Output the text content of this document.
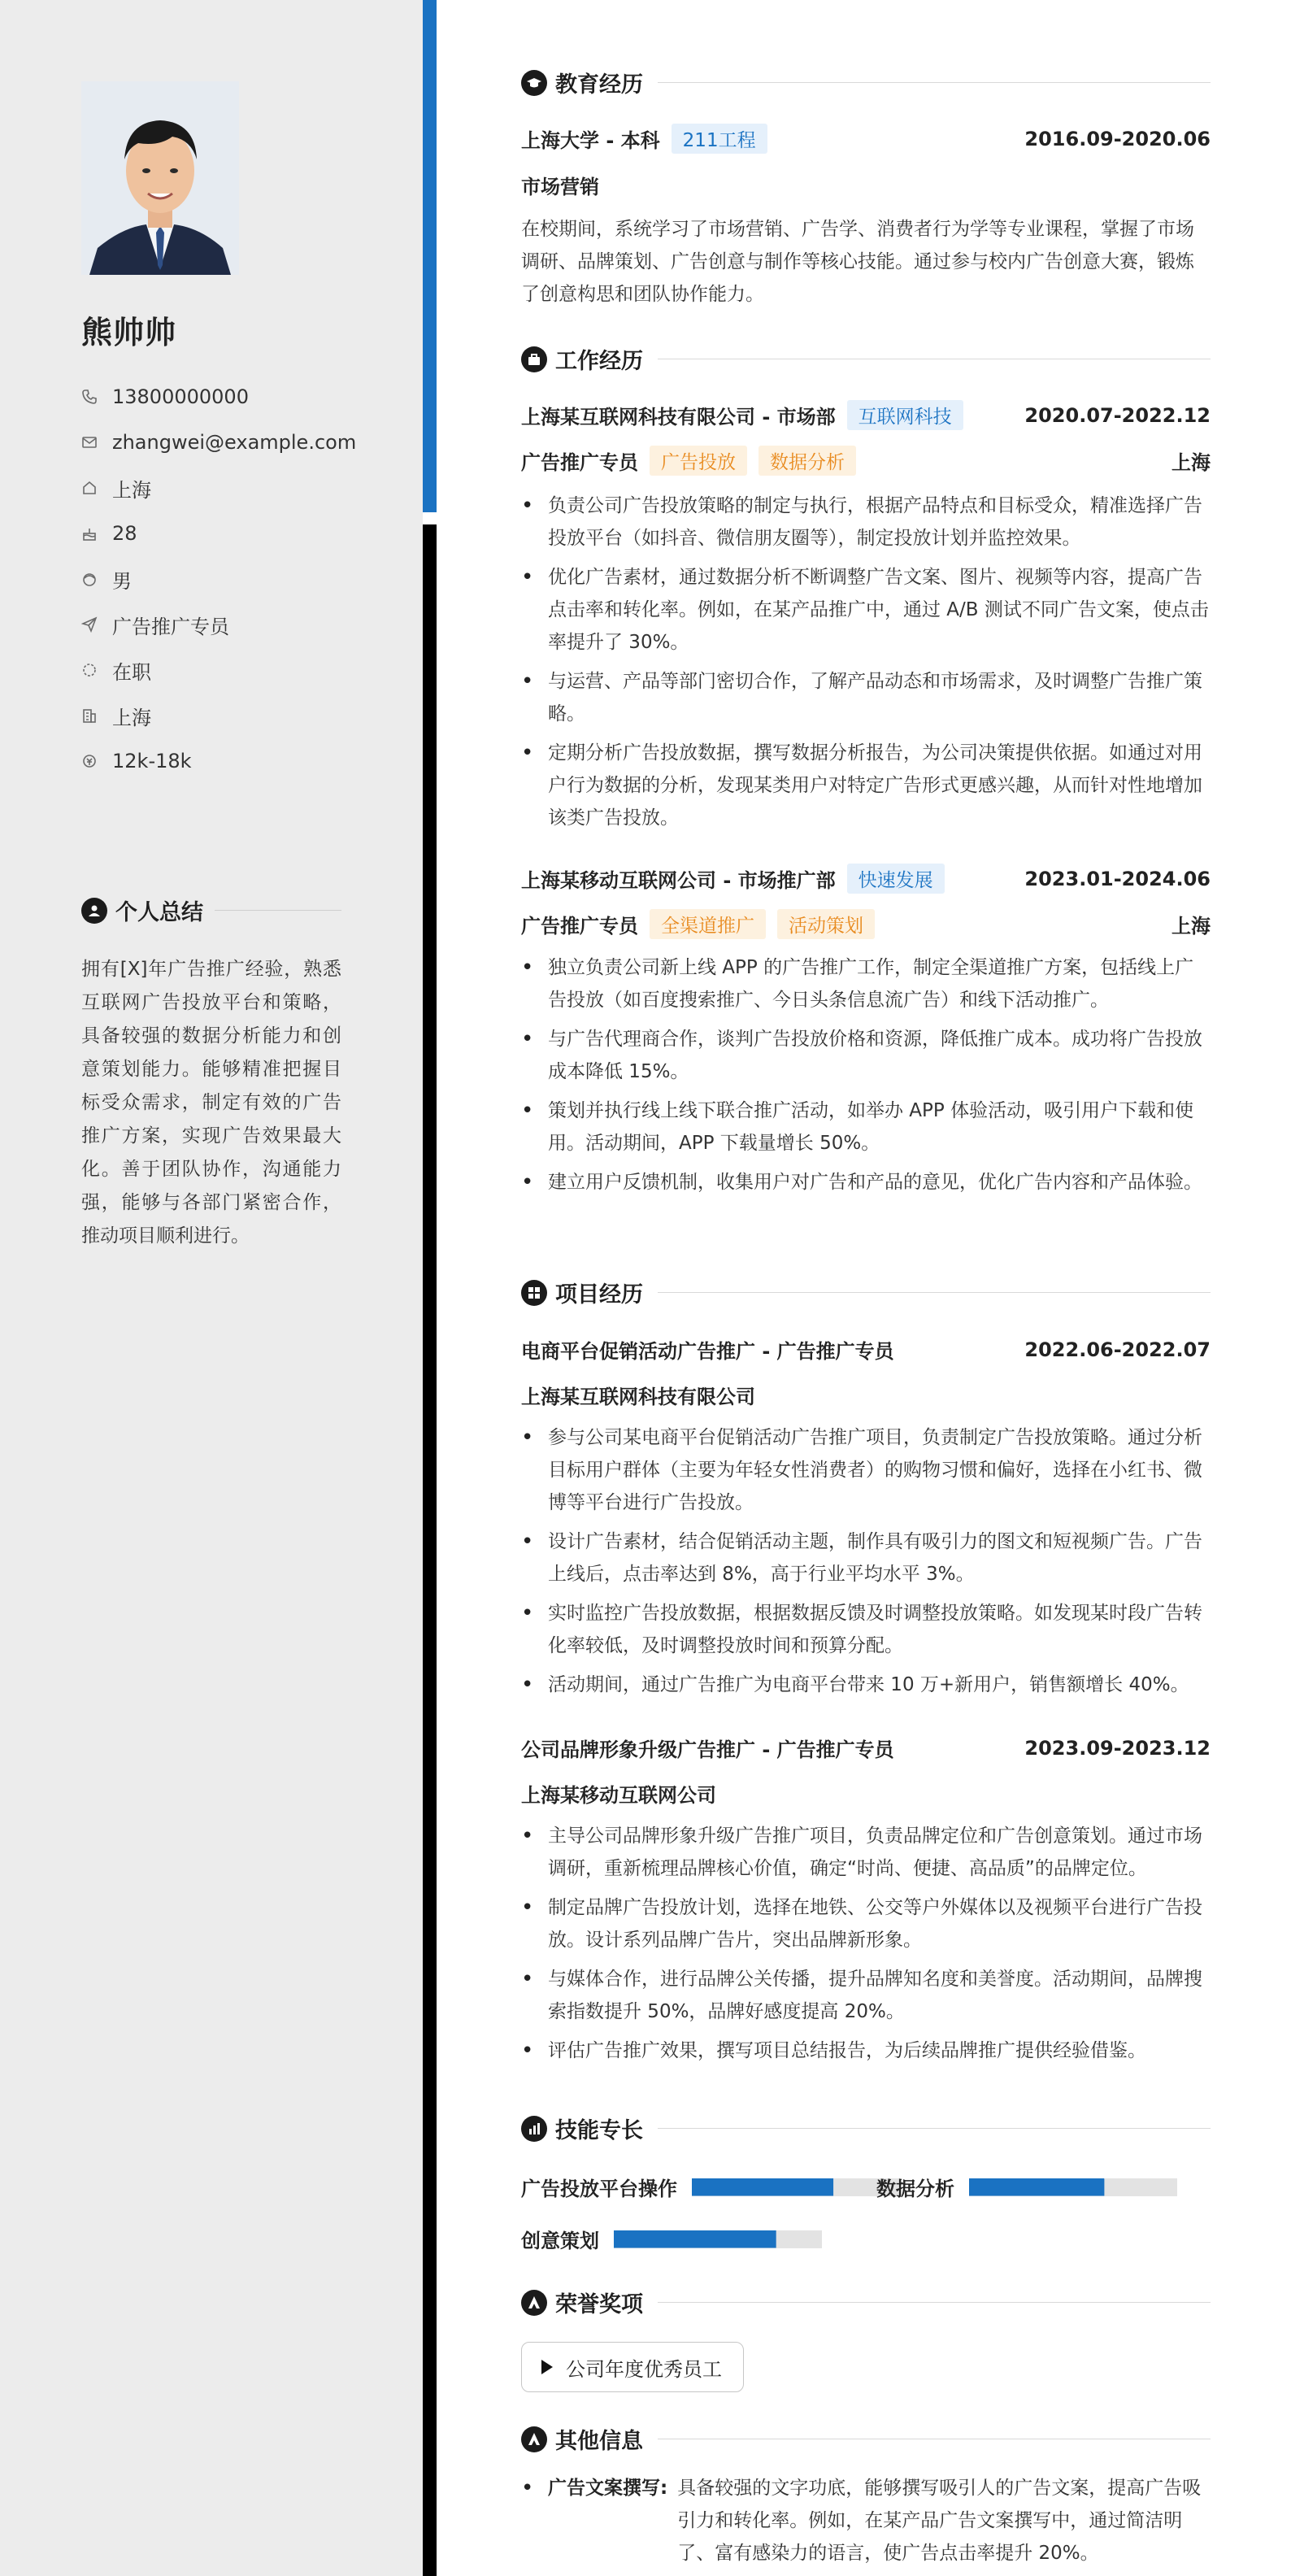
熊帅帅
13800000000
zhangwei@example.com
上海
28
男
广告推广专员
在职
上海
12k-18k
个人总结
拥有[X]年广告推广经验，熟悉互联网广告投放平台和策略，具备较强的数据分析能力和创意策划能力。能够精准把握目标受众需求，制定有效的广告推广方案，实现广告效果最大化。善于团队协作，沟通能力强，能够与各部门紧密合作，推动项目顺利进行。
教育经历
上海大学 - 本科	211工程	2016.09-2020.06
市场营销
在校期间，系统学习了市场营销、广告学、消费者行为学等专业课程，掌握了市场调研、品牌策划、广告创意与制作等核心技能。通过参与校内广告创意大赛，锻炼了创意构思和团队协作能力。
工作经历
上海某互联网科技有限公司 - 市场部	互联网科技	2020.07-2022.12
广告推广专员	广告投放	数据分析	上海
• 负责公司广告投放策略的制定与执行，根据产品特点和目标受众，精准选择广告投放平台（如抖音、微信朋友圈等），制定投放计划并监控效果。
• 优化广告素材，通过数据分析不断调整广告文案、图片、视频等内容，提高广告点击率和转化率。例如，在某产品推广中，通过 A/B 测试不同广告文案，使点击率提升了 30%。
• 与运营、产品等部门密切合作，了解产品动态和市场需求，及时调整广告推广策略。
• 定期分析广告投放数据，撰写数据分析报告，为公司决策提供依据。如通过对用户行为数据的分析，发现某类用户对特定广告形式更感兴趣，从而针对性地增加该类广告投放。
上海某移动互联网公司 - 市场推广部	快速发展	2023.01-2024.06
广告推广专员	全渠道推广	活动策划	上海
• 独立负责公司新上线 APP 的广告推广工作，制定全渠道推广方案，包括线上广告投放（如百度搜索推广、今日头条信息流广告）和线下活动推广。
• 与广告代理商合作，谈判广告投放价格和资源，降低推广成本。成功将广告投放成本降低 15%。
• 策划并执行线上线下联合推广活动，如举办 APP 体验活动，吸引用户下载和使用。活动期间，APP 下载量增长 50%。
• 建立用户反馈机制，收集用户对广告和产品的意见，优化广告内容和产品体验。
项目经历
电商平台促销活动广告推广 - 广告推广专员	2022.06-2022.07
上海某互联网科技有限公司
• 参与公司某电商平台促销活动广告推广项目，负责制定广告投放策略。通过分析目标用户群体（主要为年轻女性消费者）的购物习惯和偏好，选择在小红书、微博等平台进行广告投放。
• 设计广告素材，结合促销活动主题，制作具有吸引力的图文和短视频广告。广告上线后，点击率达到 8%，高于行业平均水平 3%。
• 实时监控广告投放数据，根据数据反馈及时调整投放策略。如发现某时段广告转化率较低，及时调整投放时间和预算分配。
• 活动期间，通过广告推广为电商平台带来 10 万+新用户，销售额增长 40%。
公司品牌形象升级广告推广 - 广告推广专员	2023.09-2023.12
上海某移动互联网公司
• 主导公司品牌形象升级广告推广项目，负责品牌定位和广告创意策划。通过市场调研，重新梳理品牌核心价值，确定“时尚、便捷、高品质”的品牌定位。
• 制定品牌广告投放计划，选择在地铁、公交等户外媒体以及视频平台进行广告投放。设计系列品牌广告片，突出品牌新形象。
• 与媒体合作，进行品牌公关传播，提升品牌知名度和美誉度。活动期间，品牌搜索指数提升 50%，品牌好感度提高 20%。
• 评估广告推广效果，撰写项目总结报告，为后续品牌推广提供经验借鉴。
技能专长
广告投放平台操作	数据分析
创意策划
荣誉奖项
公司年度优秀员工
其他信息
• 广告文案撰写: 具备较强的文字功底，能够撰写吸引人的广告文案，提高广告吸引力和转化率。例如，在某产品广告文案撰写中，通过简洁明了、富有感染力的语言，使广告点击率提升 20%。
